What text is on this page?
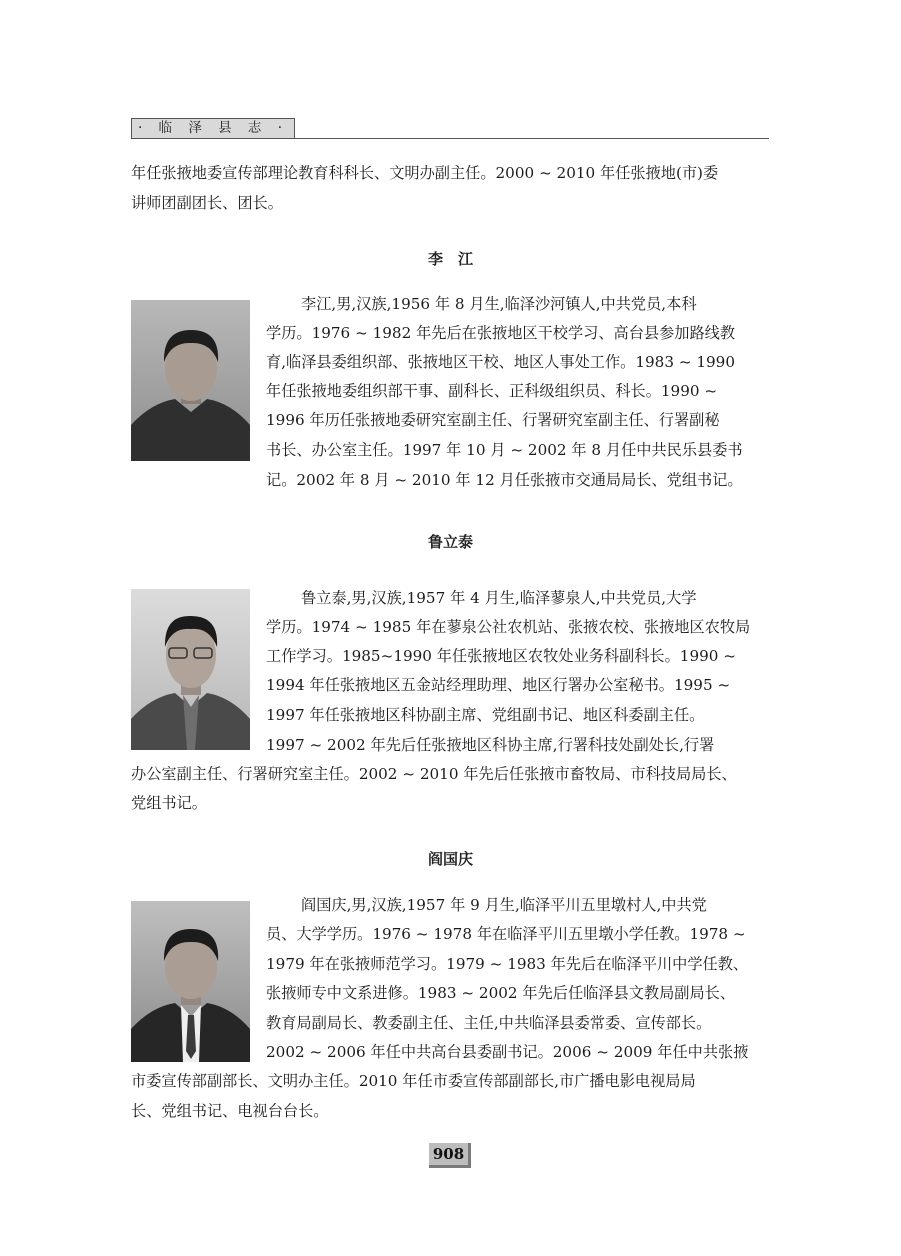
· 临 泽 县 志 ·

年任张掖地委宣传部理论教育科科长、文明办副主任。2000 ~ 2010 年任张掖地(市)委

讲师团副团长、团长。

李　江

李江,男,汉族,1956 年 8 月生,临泽沙河镇人,中共党员,本科

学历。1976 ~ 1982 年先后在张掖地区干校学习、高台县参加路线教

育,临泽县委组织部、张掖地区干校、地区人事处工作。1983 ~ 1990

年任张掖地委组织部干事、副科长、正科级组织员、科长。1990 ~

1996 年历任张掖地委研究室副主任、行署研究室副主任、行署副秘

书长、办公室主任。1997 年 10 月 ~ 2002 年 8 月任中共民乐县委书

记。2002 年 8 月 ~ 2010 年 12 月任张掖市交通局局长、党组书记。

鲁立泰

鲁立泰,男,汉族,1957 年 4 月生,临泽蓼泉人,中共党员,大学

学历。1974 ~ 1985 年在蓼泉公社农机站、张掖农校、张掖地区农牧局

工作学习。1985~1990 年任张掖地区农牧处业务科副科长。1990 ~

1994 年任张掖地区五金站经理助理、地区行署办公室秘书。1995 ~

1997 年任张掖地区科协副主席、党组副书记、地区科委副主任。

1997 ~ 2002 年先后任张掖地区科协主席,行署科技处副处长,行署

办公室副主任、行署研究室主任。2002 ~ 2010 年先后任张掖市畜牧局、市科技局局长、

党组书记。

阎国庆

阎国庆,男,汉族,1957 年 9 月生,临泽平川五里墩村人,中共党

员、大学学历。1976 ~ 1978 年在临泽平川五里墩小学任教。1978 ~

1979 年在张掖师范学习。1979 ~ 1983 年先后在临泽平川中学任教、

张掖师专中文系进修。1983 ~ 2002 年先后任临泽县文教局副局长、

教育局副局长、教委副主任、主任,中共临泽县委常委、宣传部长。

2002 ~ 2006 年任中共高台县委副书记。2006 ~ 2009 年任中共张掖

市委宣传部副部长、文明办主任。2010 年任市委宣传部副部长,市广播电影电视局局

长、党组书记、电视台台长。

908
